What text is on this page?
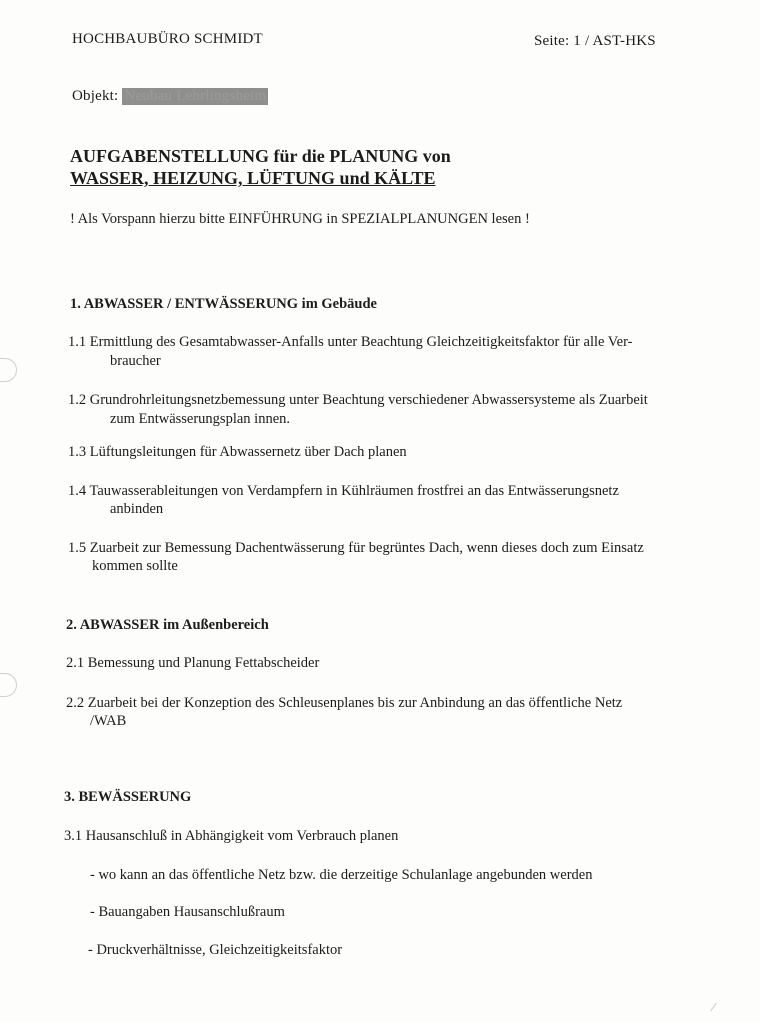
HOCHBAUBÜRO SCHMIDT	Seite: 1 / AST-HKS
Objekt: Neubau Lehrlingsheim
AUFGABENSTELLUNG für die PLANUNG von
WASSER, HEIZUNG, LÜFTUNG und KÄLTE
! Als Vorspann hierzu bitte EINFÜHRUNG in SPEZIALPLANUNGEN lesen !
1. ABWASSER / ENTWÄSSERUNG im Gebäude
1.1 Ermittlung des Gesamtabwasser-Anfalls unter Beachtung Gleichzeitigkeitsfaktor für alle Ver-
braucher
1.2 Grundrohrleitungsnetzbemessung unter Beachtung verschiedener Abwassersysteme als Zuarbeit
zum Entwässerungsplan innen.
1.3 Lüftungsleitungen für Abwassernetz über Dach planen
1.4 Tauwasserableitungen von Verdampfern in Kühlräumen frostfrei an das Entwässerungsnetz
anbinden
1.5 Zuarbeit zur Bemessung Dachentwässerung für begrüntes Dach, wenn dieses doch zum Einsatz
kommen sollte
2. ABWASSER im Außenbereich
2.1 Bemessung und Planung Fettabscheider
2.2 Zuarbeit bei der Konzeption des Schleusenplanes bis zur Anbindung an das öffentliche Netz
/WAB
3. BEWÄSSERUNG
3.1 Hausanschluß in Abhängigkeit vom Verbrauch planen
- wo kann an das öffentliche Netz bzw. die derzeitige Schulanlage angebunden werden
- Bauangaben Hausanschlußraum
- Druckverhältnisse, Gleichzeitigkeitsfaktor
